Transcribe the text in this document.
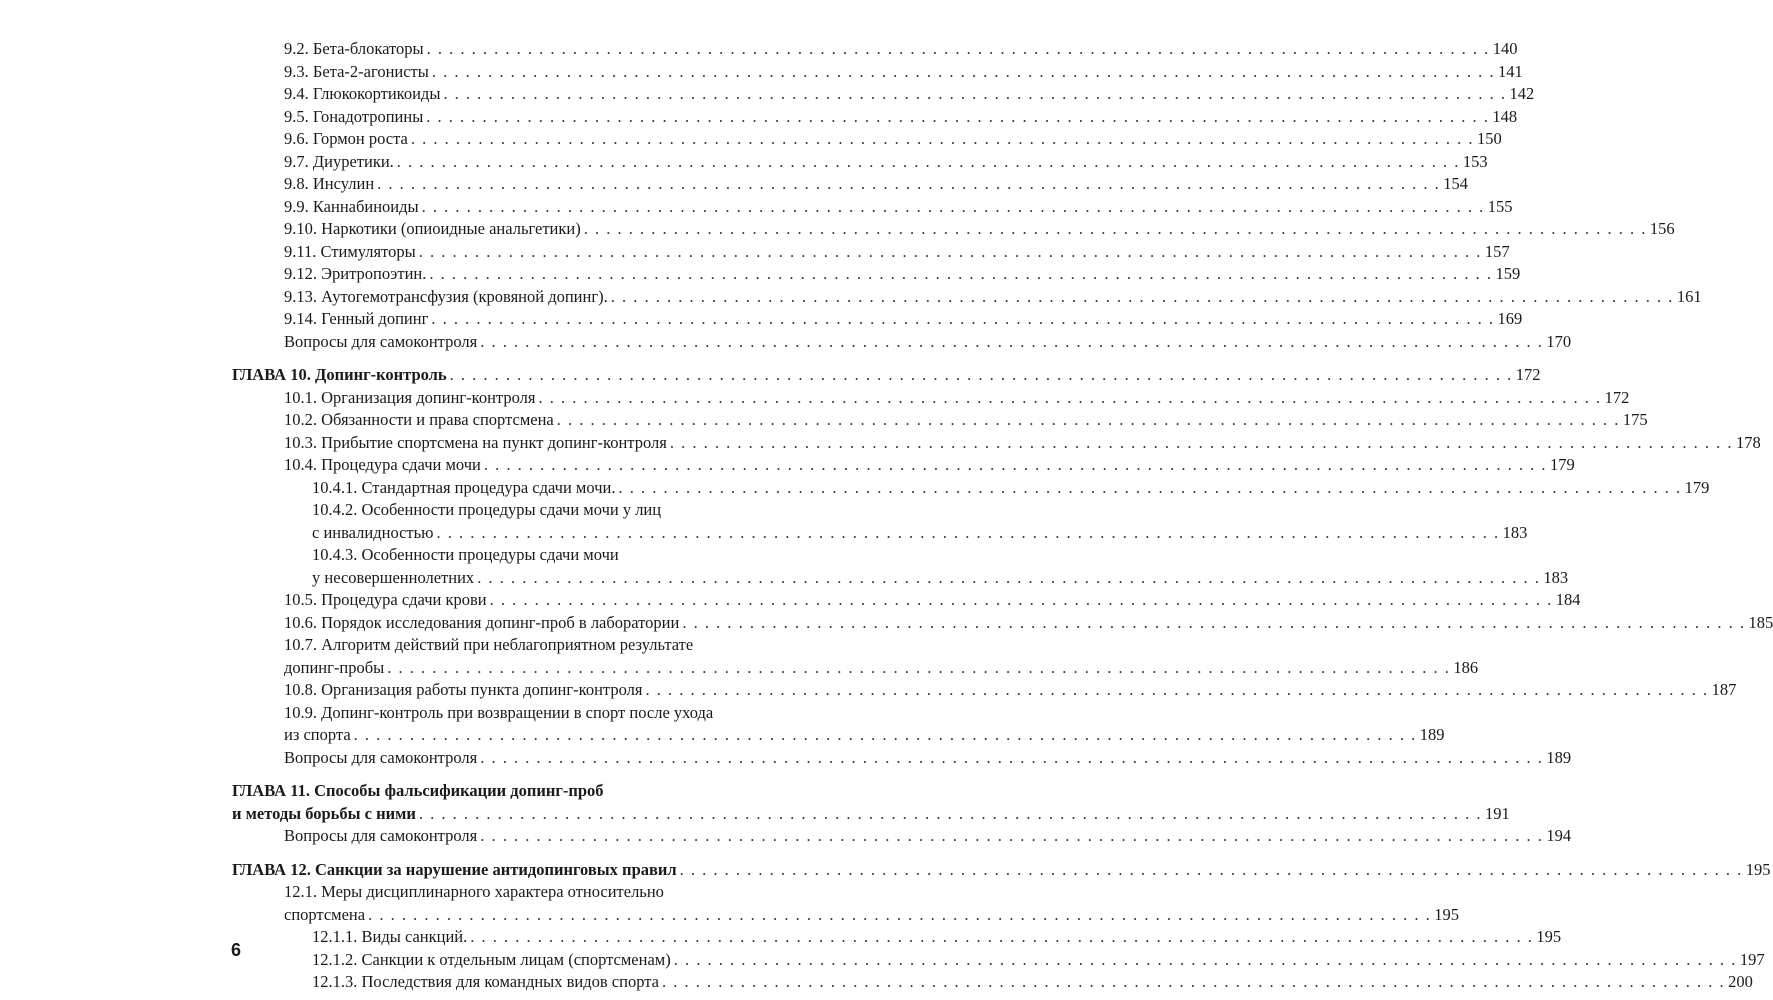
9.2. Бета-блокаторы . . .	140
9.3. Бета-2-агонисты . . .	141
9.4. Глюкокортикоиды . . .	142
9.5. Гонадотропины . . .	148
9.6. Гормон роста . . .	150
9.7. Диуретики. . . .	153
9.8. Инсулин . . .	154
9.9. Каннабиноиды . . .	155
9.10. Наркотики (опиоидные анальгетики) . . .	156
9.11. Стимуляторы . . .	157
9.12. Эритропоэтин. . . .	159
9.13. Аутогемотрансфузия (кровяной допинг). . . .	161
9.14. Генный допинг . . .	169
Вопросы для самоконтроля . . .	170
ГЛАВА 10. Допинг-контроль . . .	172
10.1. Организация допинг-контроля . . .	172
10.2. Обязанности и права спортсмена . . .	175
10.3. Прибытие спортсмена на пункт допинг-контроля . . .	178
10.4. Процедура сдачи мочи . . .	179
10.4.1. Стандартная процедура сдачи мочи. . . .	179
10.4.2. Особенности процедуры сдачи мочи у лиц
с инвалидностью . . .	183
10.4.3. Особенности процедуры сдачи мочи
у несовершеннолетних . . .	183
10.5. Процедура сдачи крови . . .	184
10.6. Порядок исследования допинг-проб в лаборатории . . .	185
10.7. Алгоритм действий при неблагоприятном результате
допинг-пробы . . .	186
10.8. Организация работы пункта допинг-контроля . . .	187
10.9. Допинг-контроль при возвращении в спорт после ухода
из спорта . . .	189
Вопросы для самоконтроля . . .	189
ГЛАВА 11. Способы фальсификации допинг-проб
и методы борьбы с ними . . .	191
Вопросы для самоконтроля . . .	194
ГЛАВА 12. Санкции за нарушение антидопинговых правил . . .	195
12.1. Меры дисциплинарного характера относительно
спортсмена . . .	195
12.1.1. Виды санкций. . . .	195
12.1.2. Санкции к отдельным лицам (спортсменам) . . .	197
12.1.3. Последствия для командных видов спорта . . .	200
6
